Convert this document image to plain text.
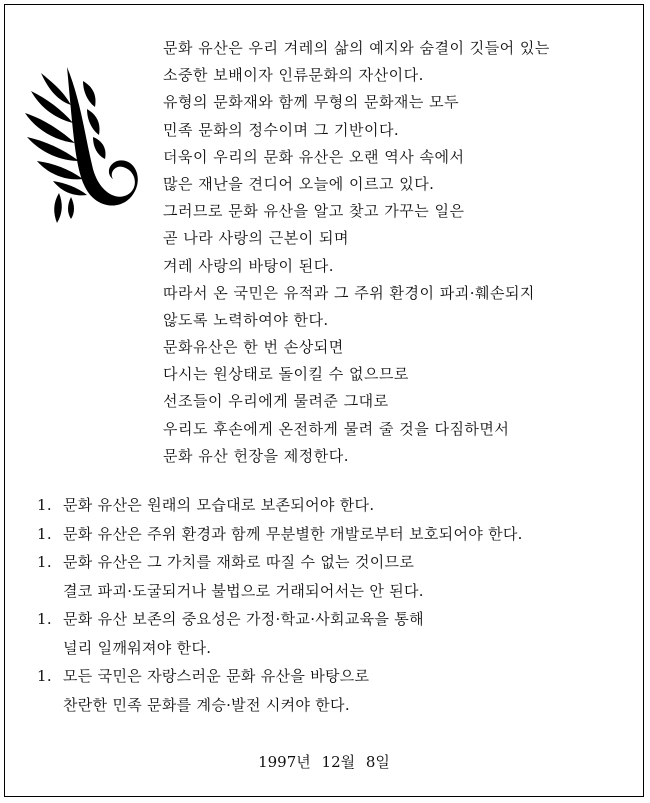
문화 유산은 우리 겨레의 삶의 예지와 숨결이 깃들어 있는
소중한 보배이자 인류문화의 자산이다.
유형의 문화재와 함께 무형의 문화재는 모두
민족 문화의 정수이며 그 기반이다.
더욱이 우리의 문화 유산은 오랜 역사 속에서
많은 재난을 견디어 오늘에 이르고 있다.
그러므로 문화 유산을 알고 찾고 가꾸는 일은
곧 나라 사랑의 근본이 되며
겨레 사랑의 바탕이 된다.
따라서 온 국민은 유적과 그 주위 환경이 파괴·훼손되지
않도록 노력하여야 한다.
문화유산은 한 번 손상되면
다시는 원상태로 돌이킬 수 없으므로
선조들이 우리에게 물려준 그대로
우리도 후손에게 온전하게 물려 줄 것을 다짐하면서
문화 유산 헌장을 제정한다.
1. 문화 유산은 원래의 모습대로 보존되어야 한다.
1. 문화 유산은 주위 환경과 함께 무분별한 개발로부터 보호되어야 한다.
1. 문화 유산은 그 가치를 재화로 따질 수 없는 것이므로
결코 파괴·도굴되거나 불법으로 거래되어서는 안 된다.
1. 문화 유산 보존의 중요성은 가정·학교·사회교육을 통해
널리 일깨워져야 한다.
1. 모든 국민은 자랑스러운 문화 유산을 바탕으로
찬란한 민족 문화를 계승·발전 시켜야 한다.
1997년 12월 8일
